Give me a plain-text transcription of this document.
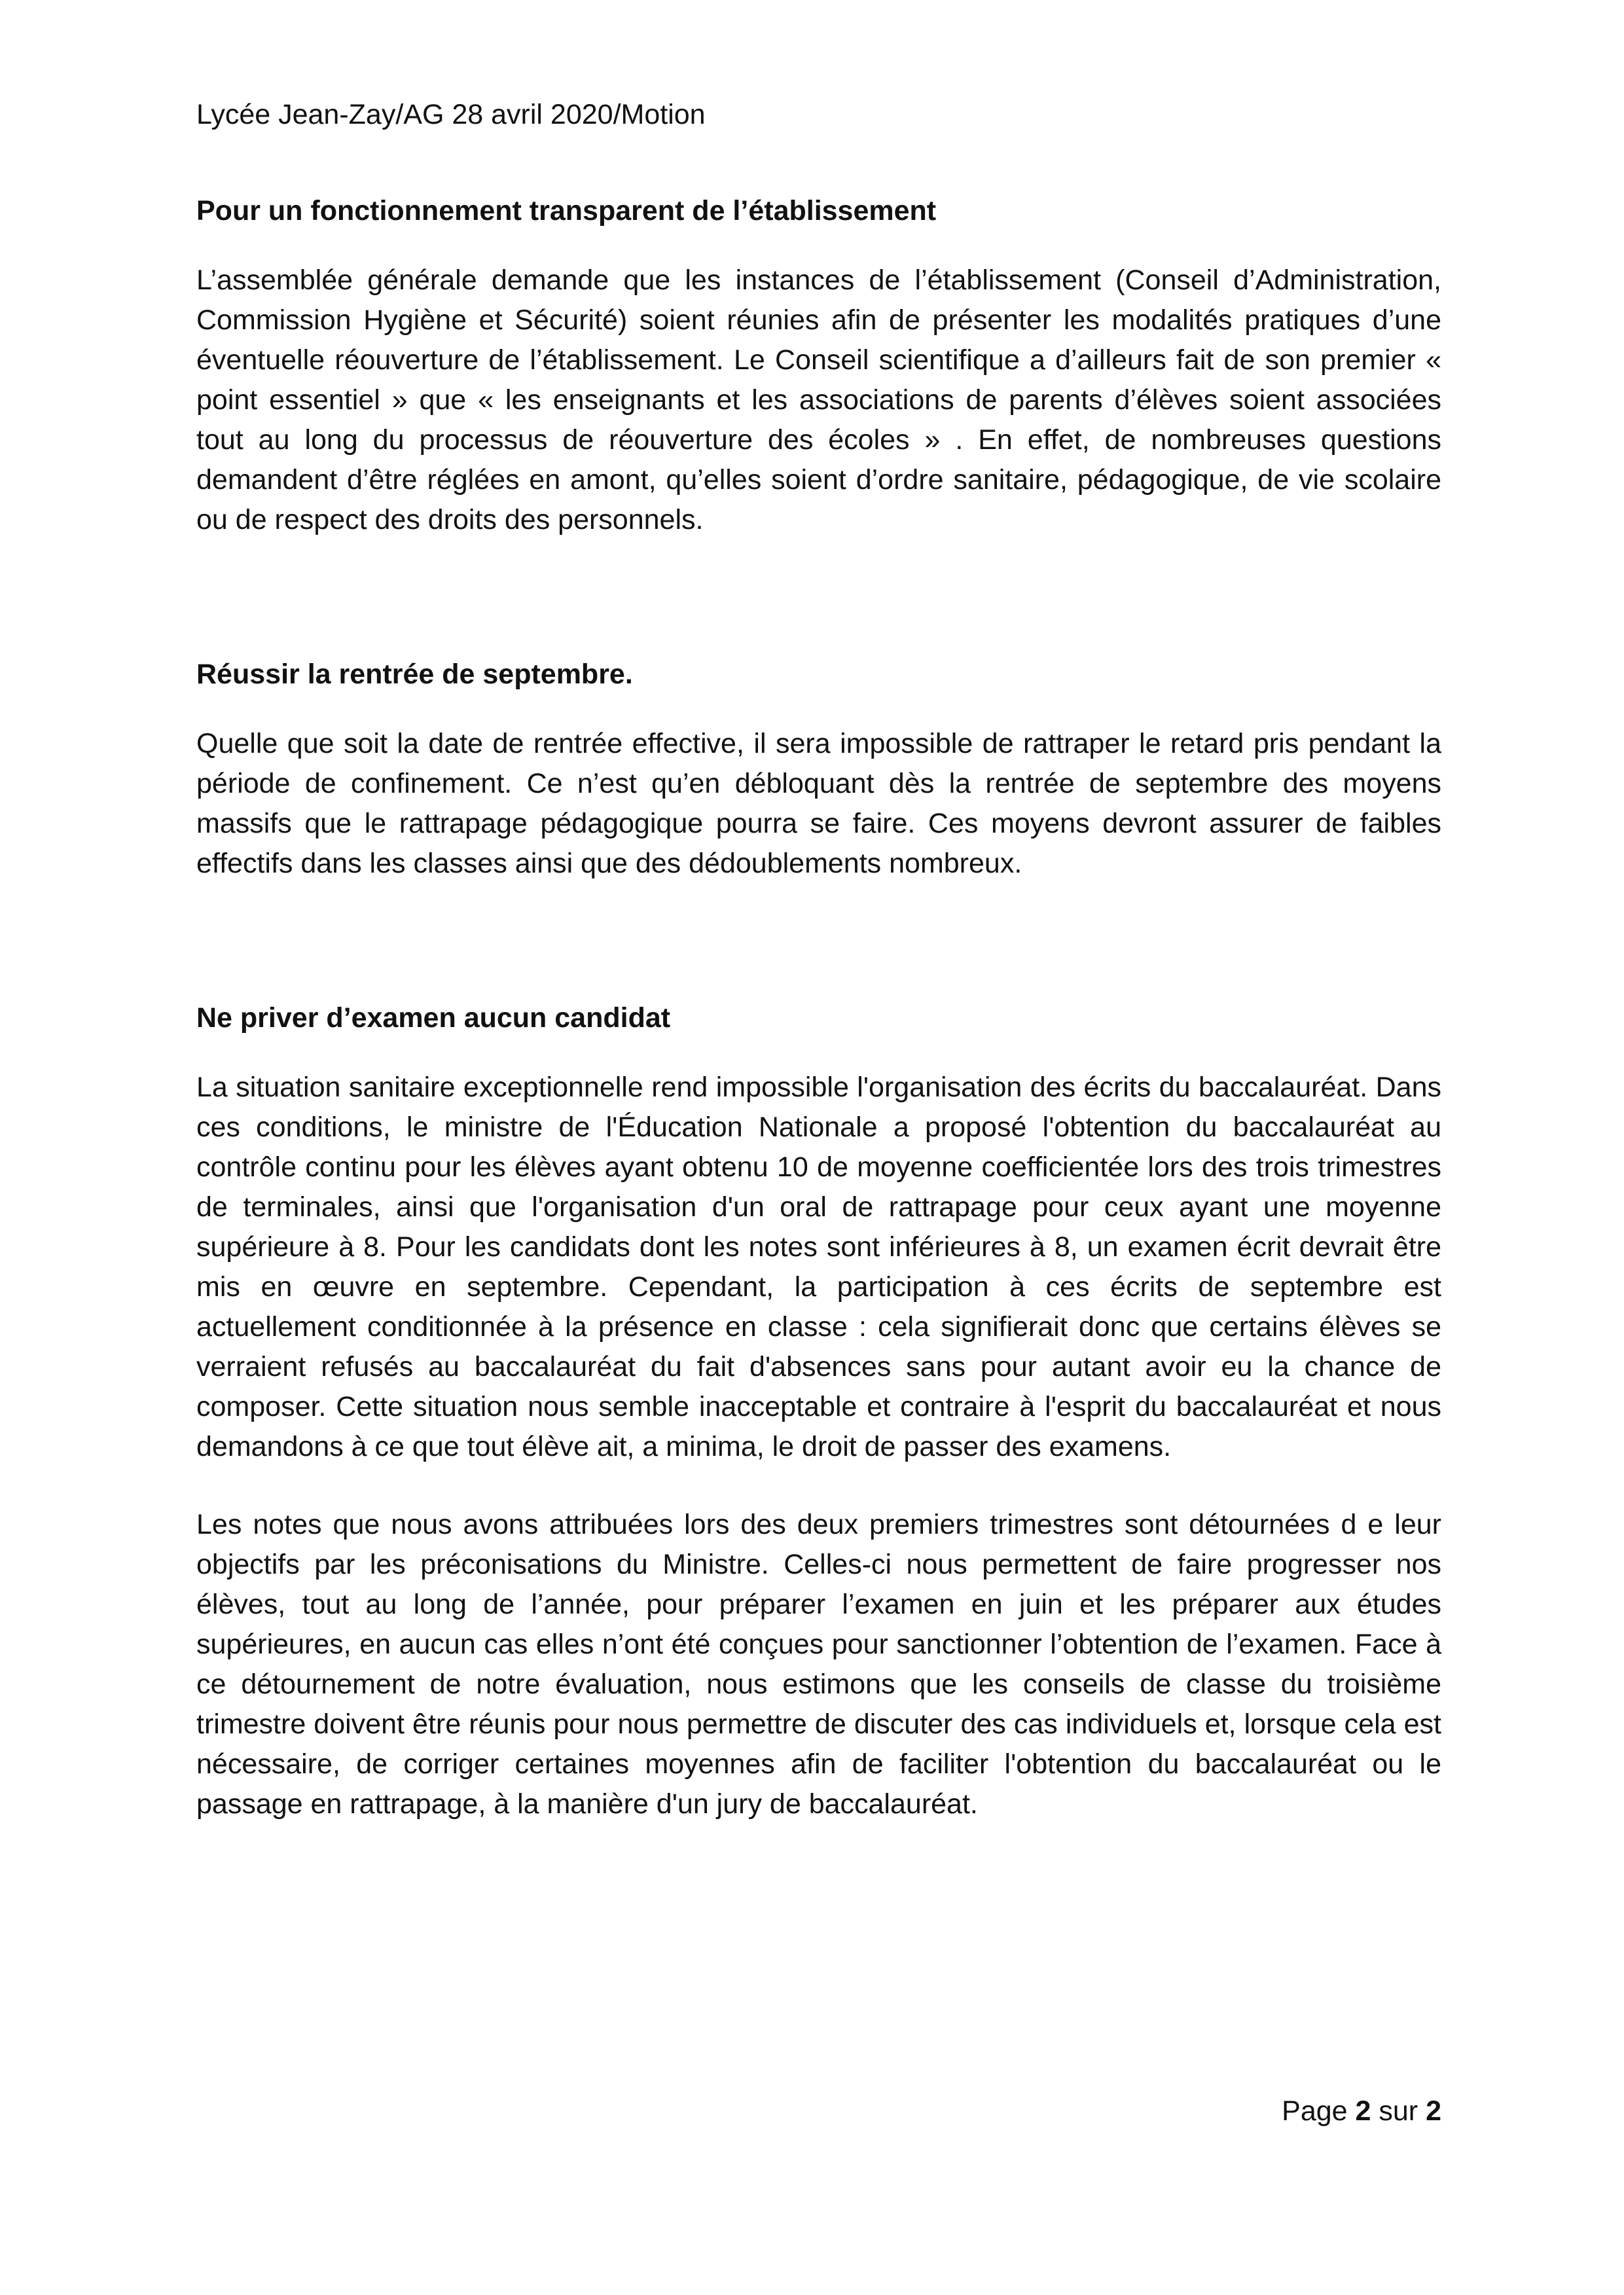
Lycée Jean-Zay/AG 28 avril 2020/Motion
Pour un fonctionnement transparent de l’établissement

L’assemblée générale demande que les instances de l’établissement (Conseil d’Administration, Commission Hygiène et Sécurité) soient réunies afin de présenter les modalités pratiques d’une éventuelle réouverture de l’établissement. Le Conseil scientifique a d’ailleurs fait de son premier « point essentiel » que « les enseignants et les associations de parents d’élèves soient associées tout au long du processus de réouverture des écoles » . En effet, de nombreuses questions demandent d’être réglées en amont, qu’elles soient d’ordre sanitaire, pédagogique, de vie scolaire ou de respect des droits des personnels.

Réussir la rentrée de septembre.

Quelle que soit la date de rentrée effective, il sera impossible de rattraper le retard pris pendant la période de confinement. Ce n’est qu’en débloquant dès la rentrée de septembre des moyens massifs que le rattrapage pédagogique pourra se faire. Ces moyens devront assurer de faibles effectifs dans les classes ainsi que des dédoublements nombreux.

Ne priver d’examen aucun candidat

La situation sanitaire exceptionnelle rend impossible l'organisation des écrits du baccalauréat. Dans ces conditions, le ministre de l'Éducation Nationale a proposé l'obtention du baccalauréat au contrôle continu pour les élèves ayant obtenu 10 de moyenne coefficientée lors des trois trimestres de terminales, ainsi que l'organisation d'un oral de rattrapage pour ceux ayant une moyenne supérieure à 8. Pour les candidats dont les notes sont inférieures à 8, un examen écrit devrait être mis en œuvre en septembre. Cependant, la participation à ces écrits de septembre est actuellement conditionnée à la présence en classe : cela signifierait donc que certains élèves se verraient refusés au baccalauréat du fait d'absences sans pour autant avoir eu la chance de composer. Cette situation nous semble inacceptable et contraire à l'esprit du baccalauréat et nous demandons à ce que tout élève ait, a minima, le droit de passer des examens.

Les notes que nous avons attribuées lors des deux premiers trimestres sont détournées d e leur objectifs par les préconisations du Ministre. Celles-ci nous permettent de faire progresser nos élèves, tout au long de l’année, pour préparer l’examen en juin et les préparer aux études supérieures, en aucun cas elles n’ont été conçues pour sanctionner l’obtention de l’examen. Face à ce détournement de notre évaluation, nous estimons que les conseils de classe du troisième trimestre doivent être réunis pour nous permettre de discuter des cas individuels et, lorsque cela est nécessaire, de corriger certaines moyennes afin de faciliter l'obtention du baccalauréat ou le passage en rattrapage, à la manière d'un jury de baccalauréat.

Page 2 sur 2
